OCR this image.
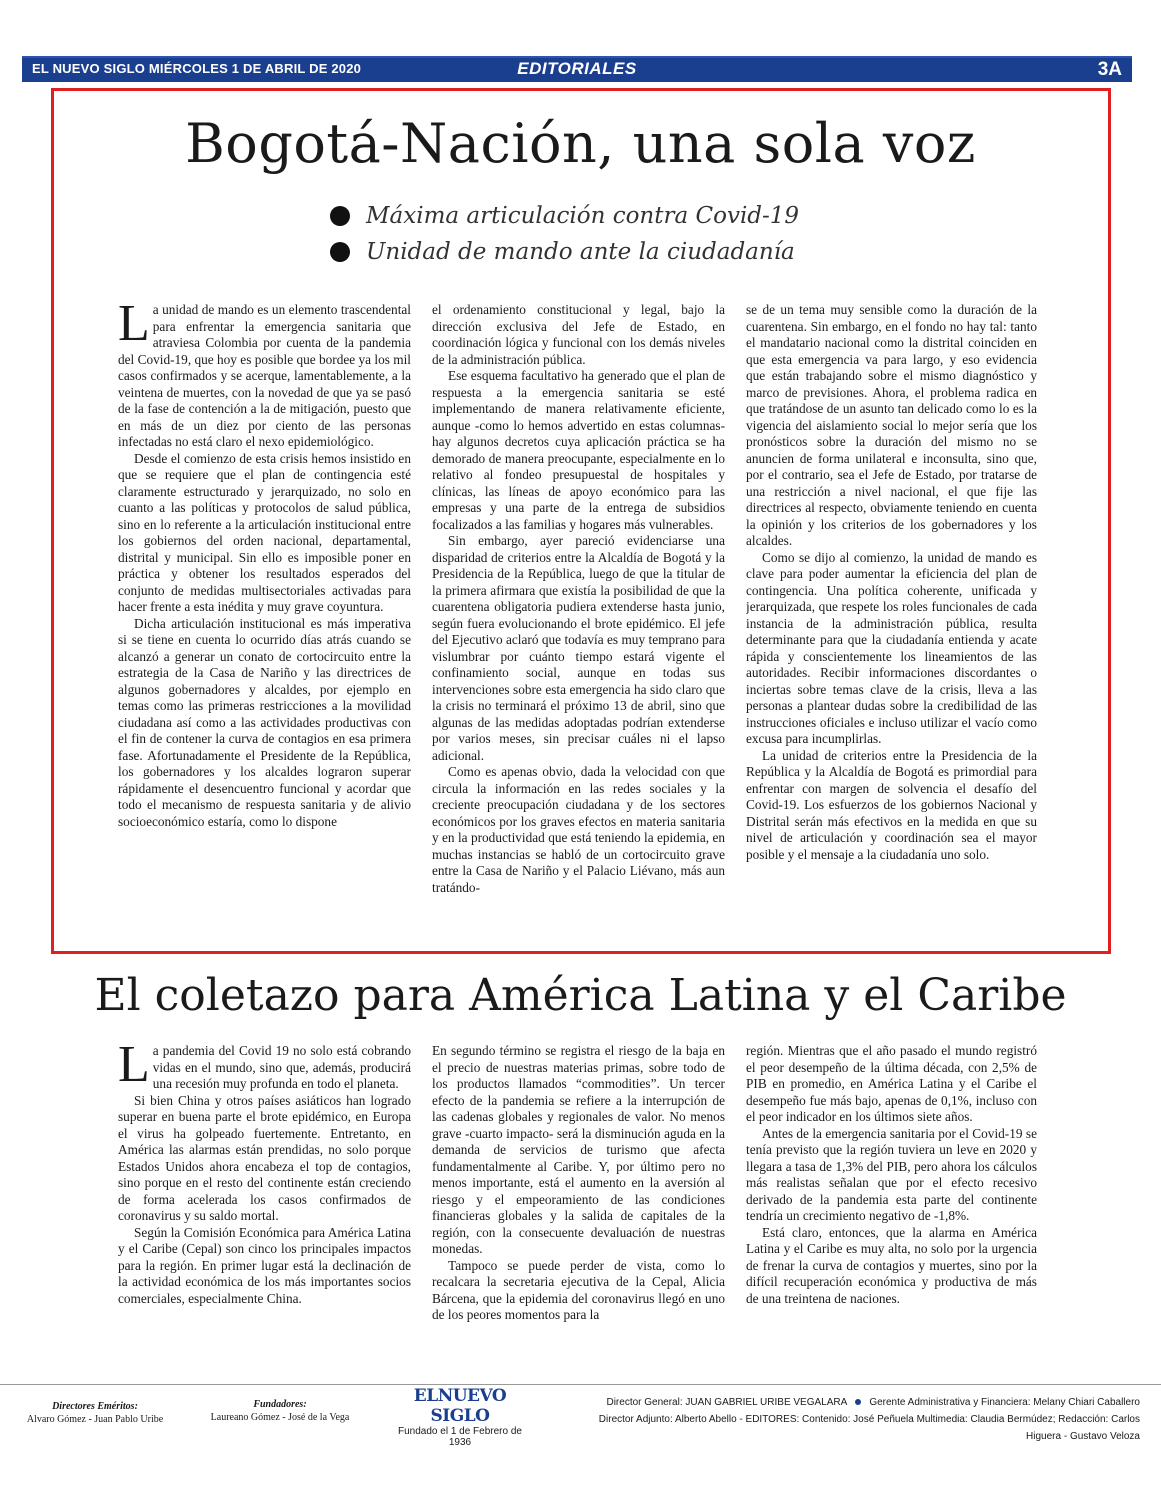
EL NUEVO SIGLO MIÉRCOLES 1 DE ABRIL DE 2020	EDITORIALES	3A
Bogotá-Nación, una sola voz
Máxima articulación contra Covid-19
Unidad de mando ante la ciudadanía

La unidad de mando es un elemento trascendental para enfrentar la emergencia sanitaria que atraviesa Colombia por cuenta de la pandemia del Covid-19, que hoy es posible que bordee ya los mil casos confirmados y se acerque, lamentablemente, a la veintena de muertes, con la novedad de que ya se pasó de la fase de contención a la de mitigación, puesto que en más de un diez por ciento de las personas infectadas no está claro el nexo epidemiológico.

Desde el comienzo de esta crisis hemos insistido en que se requiere que el plan de contingencia esté claramente estructurado y jerarquizado, no solo en cuanto a las políticas y protocolos de salud pública, sino en lo referente a la articulación institucional entre los gobiernos del orden nacional, departamental, distrital y municipal. Sin ello es imposible poner en práctica y obtener los resultados esperados del conjunto de medidas multisectoriales activadas para hacer frente a esta inédita y muy grave coyuntura.

Dicha articulación institucional es más imperativa si se tiene en cuenta lo ocurrido días atrás cuando se alcanzó a generar un conato de cortocircuito entre la estrategia de la Casa de Nariño y las directrices de algunos gobernadores y alcaldes, por ejemplo en temas como las primeras restricciones a la movilidad ciudadana así como a las actividades productivas con el fin de contener la curva de contagios en esa primera fase. Afortunadamente el Presidente de la República, los gobernadores y los alcaldes lograron superar rápidamente el desencuentro funcional y acordar que todo el mecanismo de respuesta sanitaria y de alivio socioeconómico estaría, como lo dispone

el ordenamiento constitucional y legal, bajo la dirección exclusiva del Jefe de Estado, en coordinación lógica y funcional con los demás niveles de la administración pública.

Ese esquema facultativo ha generado que el plan de respuesta a la emergencia sanitaria se esté implementando de manera relativamente eficiente, aunque -como lo hemos advertido en estas columnas- hay algunos decretos cuya aplicación práctica se ha demorado de manera preocupante, especialmente en lo relativo al fondeo presupuestal de hospitales y clínicas, las líneas de apoyo económico para las empresas y una parte de la entrega de subsidios focalizados a las familias y hogares más vulnerables.

Sin embargo, ayer pareció evidenciarse una disparidad de criterios entre la Alcaldía de Bogotá y la Presidencia de la República, luego de que la titular de la primera afirmara que existía la posibilidad de que la cuarentena obligatoria pudiera extenderse hasta junio, según fuera evolucionando el brote epidémico. El jefe del Ejecutivo aclaró que todavía es muy temprano para vislumbrar por cuánto tiempo estará vigente el confinamiento social, aunque en todas sus intervenciones sobre esta emergencia ha sido claro que la crisis no terminará el próximo 13 de abril, sino que algunas de las medidas adoptadas podrían extenderse por varios meses, sin precisar cuáles ni el lapso adicional.

Como es apenas obvio, dada la velocidad con que circula la información en las redes sociales y la creciente preocupación ciudadana y de los sectores económicos por los graves efectos en materia sanitaria y en la productividad que está teniendo la epidemia, en muchas instancias se habló de un cortocircuito grave entre la Casa de Nariño y el Palacio Liévano, más aun tratándo-

se de un tema muy sensible como la duración de la cuarentena. Sin embargo, en el fondo no hay tal: tanto el mandatario nacional como la distrital coinciden en que esta emergencia va para largo, y eso evidencia que están trabajando sobre el mismo diagnóstico y marco de previsiones. Ahora, el problema radica en que tratándose de un asunto tan delicado como lo es la vigencia del aislamiento social lo mejor sería que los pronósticos sobre la duración del mismo no se anuncien de forma unilateral e inconsulta, sino que, por el contrario, sea el Jefe de Estado, por tratarse de una restricción a nivel nacional, el que fije las directrices al respecto, obviamente teniendo en cuenta la opinión y los criterios de los gobernadores y los alcaldes.

Como se dijo al comienzo, la unidad de mando es clave para poder aumentar la eficiencia del plan de contingencia. Una política coherente, unificada y jerarquizada, que respete los roles funcionales de cada instancia de la administración pública, resulta determinante para que la ciudadanía entienda y acate rápida y conscientemente los lineamientos de las autoridades. Recibir informaciones discordantes o inciertas sobre temas clave de la crisis, lleva a las personas a plantear dudas sobre la credibilidad de las instrucciones oficiales e incluso utilizar el vacío como excusa para incumplirlas.

La unidad de criterios entre la Presidencia de la República y la Alcaldía de Bogotá es primordial para enfrentar con margen de solvencia el desafío del Covid-19. Los esfuerzos de los gobiernos Nacional y Distrital serán más efectivos en la medida en que su nivel de articulación y coordinación sea el mayor posible y el mensaje a la ciudadanía uno solo.

El coletazo para América Latina y el Caribe

La pandemia del Covid 19 no solo está cobrando vidas en el mundo, sino que, además, producirá una recesión muy profunda en todo el planeta.

Si bien China y otros países asiáticos han logrado superar en buena parte el brote epidémico, en Europa el virus ha golpeado fuertemente. Entretanto, en América las alarmas están prendidas, no solo porque Estados Unidos ahora encabeza el top de contagios, sino porque en el resto del continente están creciendo de forma acelerada los casos confirmados de coronavirus y su saldo mortal.

Según la Comisión Económica para América Latina y el Caribe (Cepal) son cinco los principales impactos para la región. En primer lugar está la declinación de la actividad económica de los más importantes socios comerciales, especialmente China.

En segundo término se registra el riesgo de la baja en el precio de nuestras materias primas, sobre todo de los productos llamados “commodities”. Un tercer efecto de la pandemia se refiere a la interrupción de las cadenas globales y regionales de valor. No menos grave -cuarto impacto- será la disminución aguda en la demanda de servicios de turismo que afecta fundamentalmente al Caribe. Y, por último pero no menos importante, está el aumento en la aversión al riesgo y el empeoramiento de las condiciones financieras globales y la salida de capitales de la región, con la consecuente devaluación de nuestras monedas.

Tampoco se puede perder de vista, como lo recalcara la secretaria ejecutiva de la Cepal, Alicia Bárcena, que la epidemia del coronavirus llegó en uno de los peores momentos para la

región. Mientras que el año pasado el mundo registró el peor desempeño de la última década, con 2,5% de PIB en promedio, en América Latina y el Caribe el desempeño fue más bajo, apenas de 0,1%, incluso con el peor indicador en los últimos siete años.

Antes de la emergencia sanitaria por el Covid-19 se tenía previsto que la región tuviera un leve en 2020 y llegara a tasa de 1,3% del PIB, pero ahora los cálculos más realistas señalan que por el efecto recesivo derivado de la pandemia esta parte del continente tendría un crecimiento negativo de -1,8%.

Está claro, entonces, que la alarma en América Latina y el Caribe es muy alta, no solo por la urgencia de frenar la curva de contagios y muertes, sino por la difícil recuperación económica y productiva de más de una treintena de naciones.

Directores Eméritos:
Alvaro Gómez - Juan Pablo Uribe
Fundadores:
Laureano Gómez - José de la Vega
ELNUEVO SIGLO
Fundado el 1 de Febrero de 1936
Director General: JUAN GABRIEL URIBE VEGALARA Gerente Administrativa y Financiera: Melany Chiari Caballero
Director Adjunto: Alberto Abello - EDITORES: Contenido: José Peñuela Multimedia: Claudia Bermúdez; Redacción: Carlos Higuera - Gustavo Veloza
